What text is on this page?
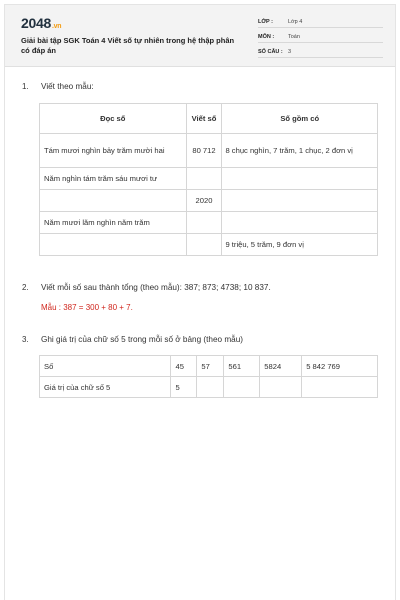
2048.vn
Giải bài tập SGK Toán 4 Viết số tự nhiên trong hệ thập phân có đáp án
LỚP :	Lớp 4
MÔN :	Toán
SỐ CÂU : 3
1. Viết theo mẫu:
Đọc số	Viết số	Số gồm có
Tám mươi nghìn bảy trăm mười hai	80 712	8 chục nghìn, 7 trăm, 1 chục, 2 đơn vị
Năm nghìn tám trăm sáu mươi tư		
	2020	
Năm mươi lăm nghìn năm trăm		
		9 triệu, 5 trăm, 9 đơn vị
2. Viết mỗi số sau thành tổng (theo mẫu): 387; 873; 4738; 10 837.
Mẫu : 387 = 300 + 80 + 7.
3. Ghi giá trị của chữ số 5 trong mỗi số ở bảng (theo mẫu)
Số	45	57	561	5824	5 842 769
Giá trị của chữ số 5	5				
